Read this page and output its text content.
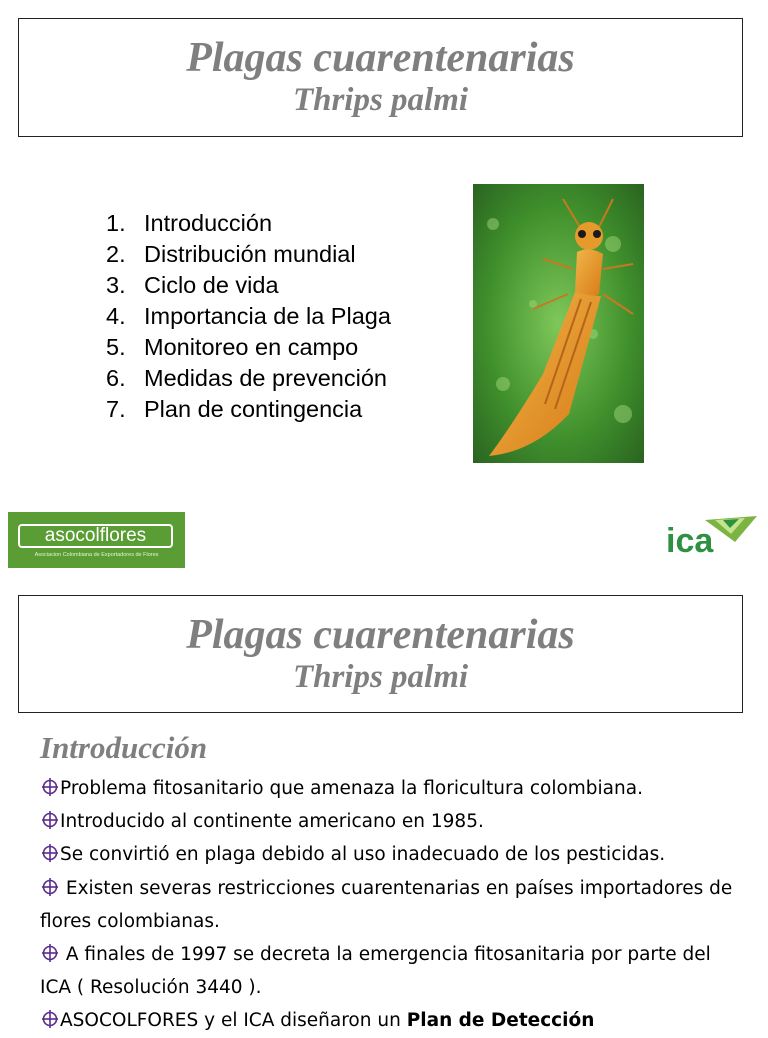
Plagas cuarentenarias
Thrips palmi
1. Introducción
2. Distribución mundial
3. Ciclo de vida
4. Importancia de la Plaga
5. Monitoreo en campo
6. Medidas de prevención
7. Plan de contingencia
asocolflores
Asociacion Colombiana de Exportadores de Flores	ica
Plagas cuarentenarias
Thrips palmi
Introducción

Problema fitosanitario que amenaza la floricultura colombiana.

Introducido al continente americano en 1985.

Se convirtió en plaga debido al uso inadecuado de los pesticidas.

Existen severas restricciones cuarentenarias en países importadores de flores colombianas.

A finales de 1997 se decreta la emergencia fitosanitaria por parte del ICA ( Resolución 3440 ).

ASOCOLFORES y el ICA diseñaron un Plan de Detección
